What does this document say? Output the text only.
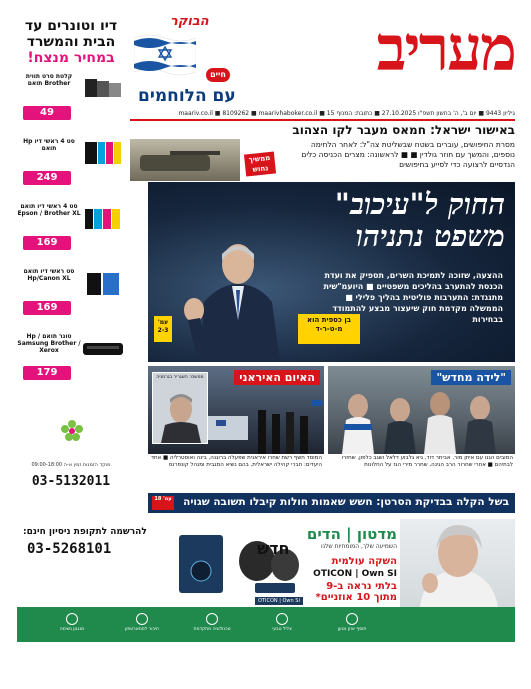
דיו וטונרים עד
הבית והמשרד
במחיר מנצח!
קלטת סרט תווית Brother תואם
49
סט 4 ראשי דיו Hp תואם
249
סט 4 ראשי דיו תואם Epson / Brother XL
169
סט ראשי דיו תואם Hp/Canon XL
169
טונר תואם Hp / Samsung Brother / Xerox
179
מוקד הזמנות זמין א-ה 09:00-18:00
03-5132011
הבוקר	מעריב
חיים
עם הלוחמים
גיליון 9443 ■ יום ב', ה' בחשון תשפ"ו 27.10.2025 ■ כתובת: המנוף 15 ■ maariv.co.il ■ 8109262 ■ maarivhaboker.co.il
באישור ישראל: חמאס מעבר לקו הצהוב
מסרת החיפושים, עוברים בשטח שבשליטת צה"ל: לאחר הלחימה נוספים, והמשך עם חוזר גולדין ■ ■ לראשונה: מצרים הכניסה כלים הנדסיים לרצועה כדי לסייע בחיפושים
ממשיך נחוש
החוק ל"עיכוב"
משפט נתניהו
ההצעה, שזוכה לתמיכת השרים, תספיק את ועדת הכנסת להתערב בהליכים משפטיים ■ היועמ"שית מתנגדת: התערבות פוליטית בהליך פלילי ■ הממשלה מקדמת חוק שיעצור מבצע להתמודד בבחירות
בן כספית הוא מ-ט-ר-ד
עמ' 2-3
ממשכו: השגריר בגרמניה	האיום האיראני
המוסד חשף רשת שחרו איראנית שפעלה ברוגנה, בינה ואוסטרליה ■ אחד היעדים: חברי קהילה ישראלית, בהם נשיא המגבית ומנהל קונפרנס
"לידה מחדש"
המובים הגנו עם איתן מור, אביתר דוד, גיא גלבוע דלאל ושגב כלפון, שחזרו לבתיהם ■ אחרי שחרור הרב הגינה, שחרר מירי הגז על החלונות
בשל הקלה בבדיקת הסרטן: חשש שאמות חולות קיבלו תשובה שגויה
עמ' 18
להרשמה לתקופת ניסיון חינם:
03-5268101	חדש
OTICON | Own SI
מדטון | הדים
השמיעה שלך, המומחיות שלנו
השקה עולמית
OTICON | Own SI
בלתי נראה ב-9 מתוך 10 אוזניים*
מנגנון נשימה	חיבור לסמארטפון	טכנולוגיה מתקדמת	צליל טבעי	תוסף אוזן נטען
